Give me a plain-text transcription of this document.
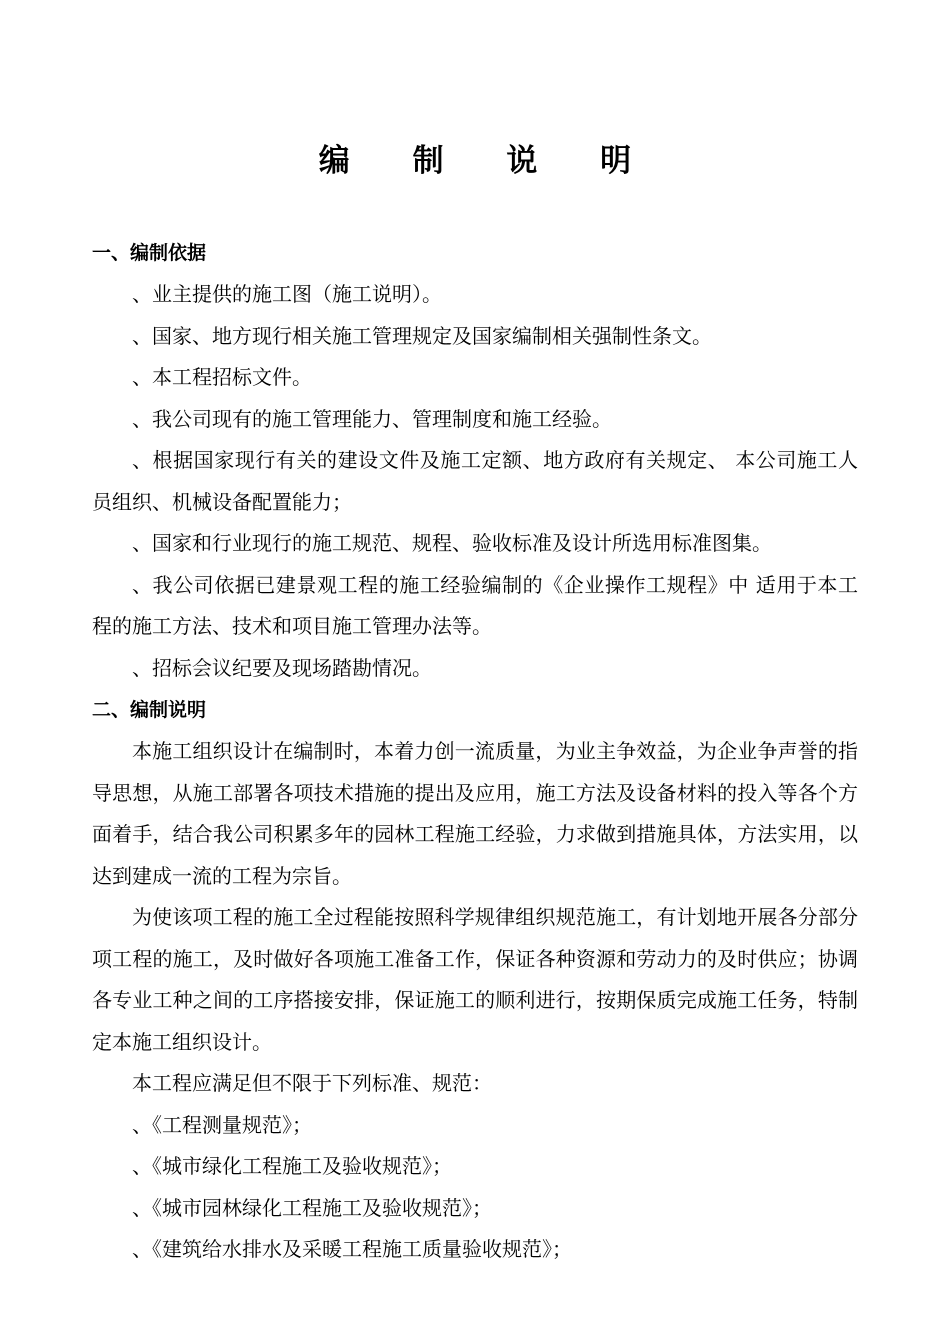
编 制 说 明

一、编制依据

、业主提供的施工图（施工说明）。

、国家、地方现行相关施工管理规定及国家编制相关强制性条文。

、本工程招标文件。

、我公司现有的施工管理能力、管理制度和施工经验。

、根据国家现行有关的建设文件及施工定额、地方政府有关规定、 本公司施工人员组织、机械设备配置能力；

、国家和行业现行的施工规范、规程、验收标准及设计所选用标准图集。

、我公司依据已建景观工程的施工经验编制的《企业操作工规程》中 适用于本工程的施工方法、技术和项目施工管理办法等。

、招标会议纪要及现场踏勘情况。

二、编制说明

本施工组织设计在编制时，本着力创一流质量，为业主争效益，为企业争声誉的指导思想，从施工部署各项技术措施的提出及应用，施工方法及设备材料的投入等各个方面着手，结合我公司积累多年的园林工程施工经验，力求做到措施具体，方法实用，以达到建成一流的工程为宗旨。

为使该项工程的施工全过程能按照科学规律组织规范施工，有计划地开展各分部分项工程的施工，及时做好各项施工准备工作，保证各种资源和劳动力的及时供应；协调各专业工种之间的工序搭接安排，保证施工的顺利进行，按期保质完成施工任务，特制定本施工组织设计。

本工程应满足但不限于下列标准、规范：

、《工程测量规范》；

、《城市绿化工程施工及验收规范》；

、《城市园林绿化工程施工及验收规范》；

、《建筑给水排水及采暖工程施工质量验收规范》；
